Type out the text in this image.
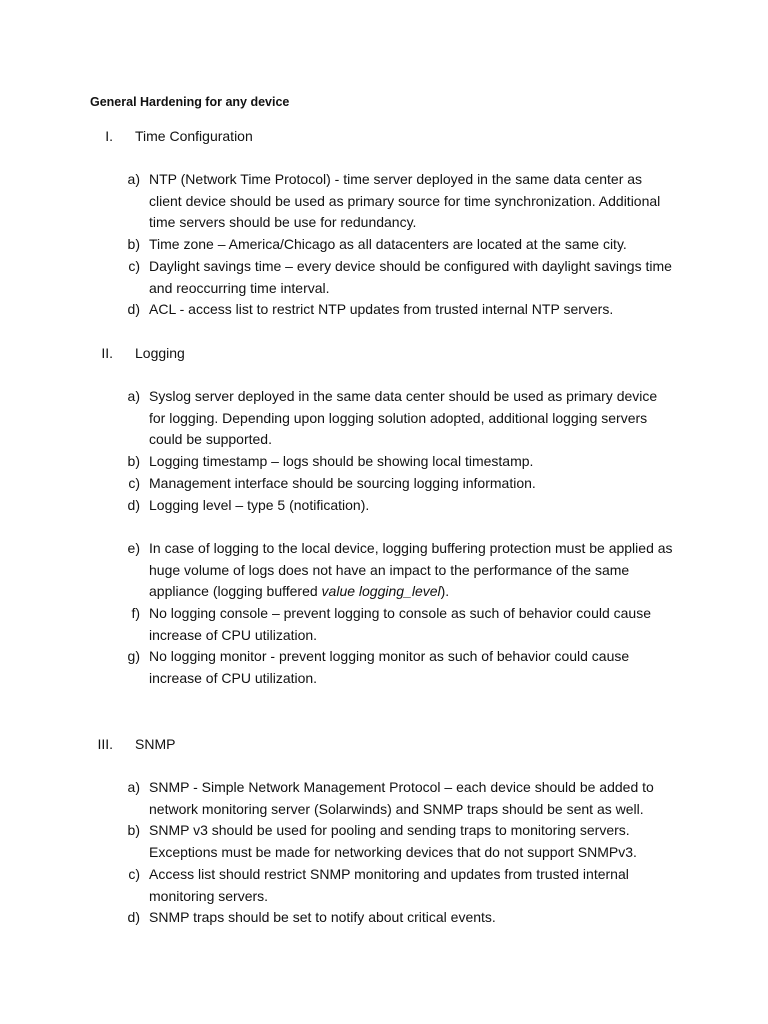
General Hardening for any device
I. Time Configuration
a) NTP (Network Time Protocol) - time server deployed in the same data center as client device should be used as primary source for time synchronization. Additional time servers should be use for redundancy.
b) Time zone – America/Chicago as all datacenters are located at the same city.
c) Daylight savings time – every device should be configured with daylight savings time and reoccurring time interval.
d) ACL - access list to restrict NTP updates from trusted internal NTP servers.
II. Logging
a) Syslog server deployed in the same data center should be used as primary device for logging. Depending upon logging solution adopted, additional logging servers could be supported.
b) Logging timestamp – logs should be showing local timestamp.
c) Management interface should be sourcing logging information.
d) Logging level – type 5 (notification).
e) In case of logging to the local device, logging buffering protection must be applied as huge volume of logs does not have an impact to the performance of the same appliance (logging buffered value logging_level).
f) No logging console – prevent logging to console as such of behavior could cause increase of CPU utilization.
g) No logging monitor - prevent logging monitor as such of behavior could cause increase of CPU utilization.
III. SNMP
a) SNMP - Simple Network Management Protocol – each device should be added to network monitoring server (Solarwinds) and SNMP traps should be sent as well.
b) SNMP v3 should be used for pooling and sending traps to monitoring servers. Exceptions must be made for networking devices that do not support SNMPv3.
c) Access list should restrict SNMP monitoring and updates from trusted internal monitoring servers.
d) SNMP traps should be set to notify about critical events.
